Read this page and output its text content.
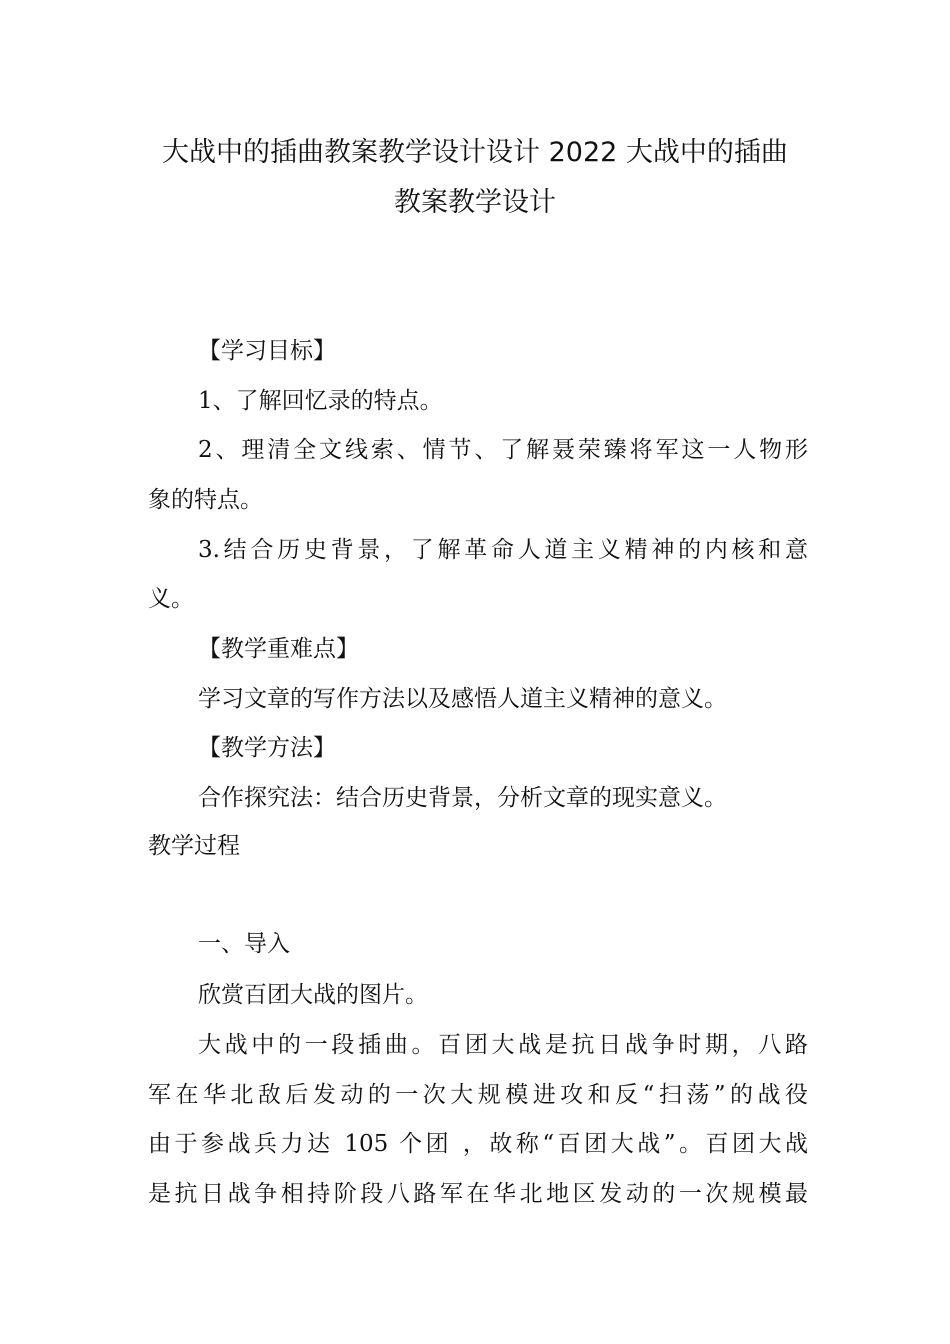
大战中的插曲教案教学设计设计 2022 大战中的插曲
教案教学设计
【学习目标】
1、了解回忆录的特点。
2、理清全文线索、情节、了解聂荣臻将军这一人物形
象的特点。
3.结合历史背景，了解革命人道主义精神的内核和意
义。
【教学重难点】
学习文章的写作方法以及感悟人道主义精神的意义。
【教学方法】
合作探究法：结合历史背景，分析文章的现实意义。
教学过程
一、导入
欣赏百团大战的图片。
大战中的一段插曲。百团大战是抗日战争时期，八路
军在华北敌后发动的一次大规模进攻和反“扫荡”的战役
由于参战兵力达 105 个团 ，故称“百团大战”。百团大战
是抗日战争相持阶段八路军在华北地区发动的一次规模最
